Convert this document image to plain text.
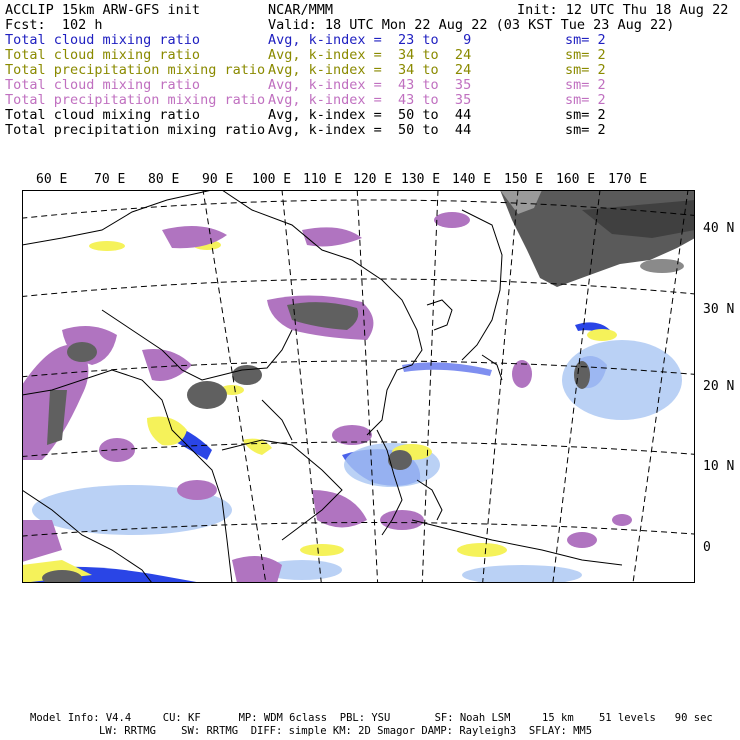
ACCLIP 15km ARW-GFS init	NCAR/MMM	Init: 12 UTC Thu 18 Aug 22
Fcst:  102 h	Valid: 18 UTC Mon 22 Aug 22 (03 KST Tue 23 Aug 22)
Total cloud mixing ratio	Avg, k-index =  23 to   9	sm= 2
Total cloud mixing ratio	Avg, k-index =  34 to  24	sm= 2
Total precipitation mixing ratio Avg, k-index =  34 to  24	sm= 2
Total cloud mixing ratio	Avg, k-index =  43 to  35	sm= 2
Total precipitation mixing ratio Avg, k-index =  43 to  35	sm= 2
Total cloud mixing ratio	Avg, k-index =  50 to  44	sm= 2
Total precipitation mixing ratio Avg, k-index =  50 to  44	sm= 2
60 E 70 E 80 E 90 E 100 E 110 E 120 E 130 E 140 E 150 E 160 E 170 E
40 N
30 N
20 N
10 N
0
Model Info: V4.4     CU: KF      MP: WDM 6class  PBL: YSU       SF: Noah LSM     15 km    51 levels   90 sec
LW: RRTMG    SW: RRTMG  DIFF: simple KM: 2D Smagor DAMP: Rayleigh3  SFLAY: MM5
